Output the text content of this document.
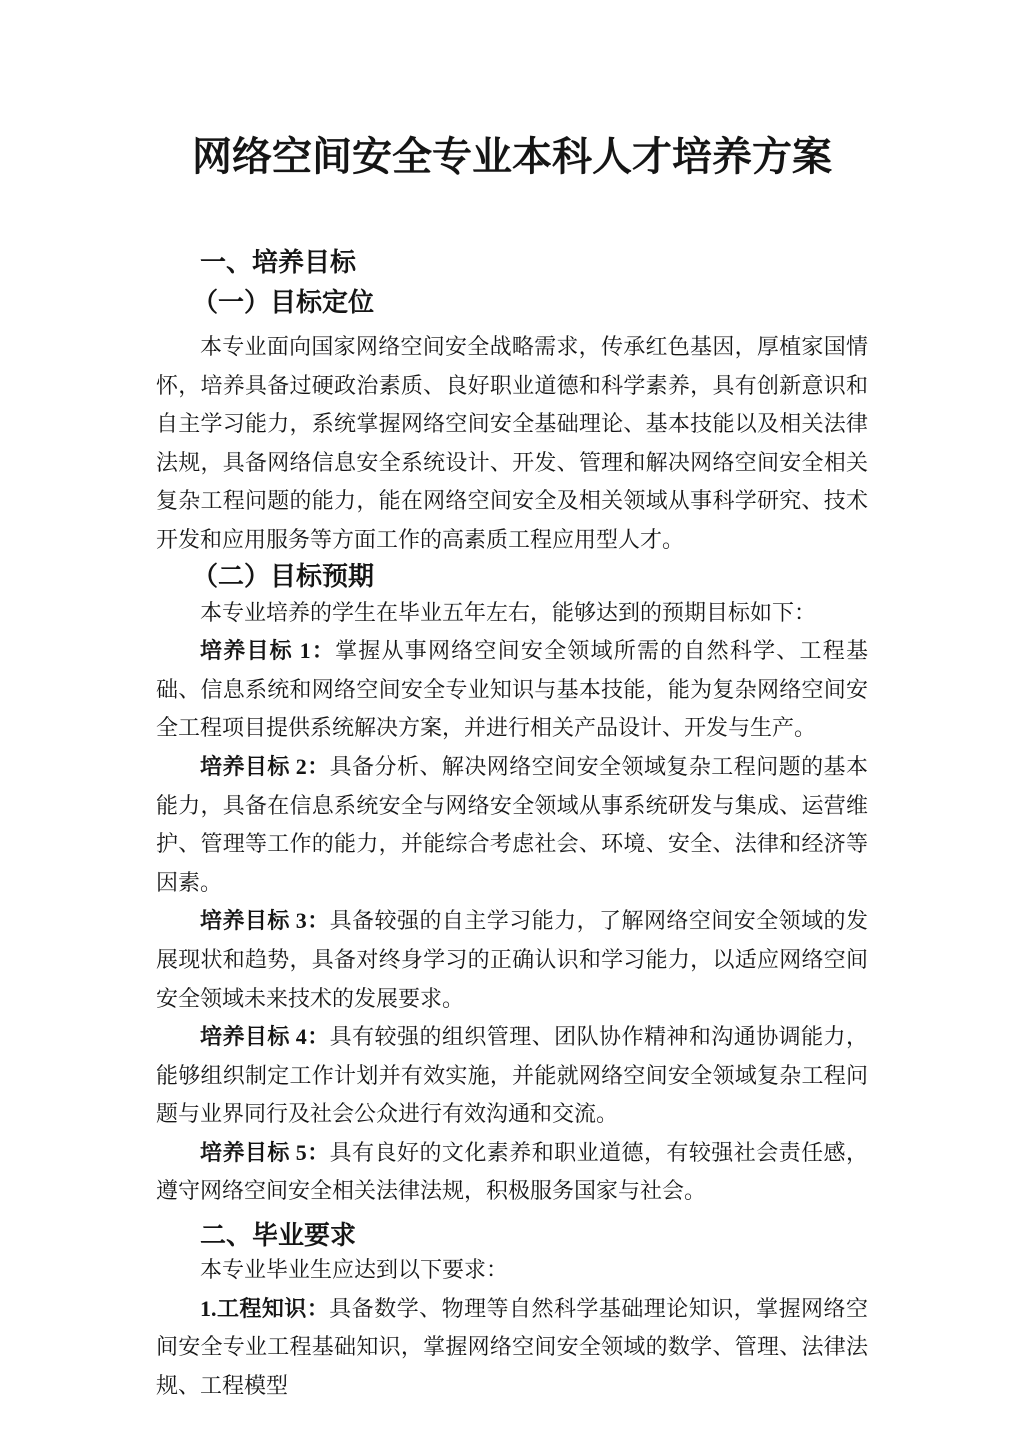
网络空间安全专业本科人才培养方案
一、培养目标
（一）目标定位

本专业面向国家网络空间安全战略需求，传承红色基因，厚植家国情怀，培养具备过硬政治素质、良好职业道德和科学素养，具有创新意识和自主学习能力，系统掌握网络空间安全基础理论、基本技能以及相关法律法规，具备网络信息安全系统设计、开发、管理和解决网络空间安全相关复杂工程问题的能力，能在网络空间安全及相关领域从事科学研究、技术开发和应用服务等方面工作的高素质工程应用型人才。

（二）目标预期

本专业培养的学生在毕业五年左右，能够达到的预期目标如下：

培养目标 1：掌握从事网络空间安全领域所需的自然科学、工程基础、信息系统和网络空间安全专业知识与基本技能，能为复杂网络空间安全工程项目提供系统解决方案，并进行相关产品设计、开发与生产。

培养目标 2：具备分析、解决网络空间安全领域复杂工程问题的基本能力，具备在信息系统安全与网络安全领域从事系统研发与集成、运营维护、管理等工作的能力，并能综合考虑社会、环境、安全、法律和经济等因素。

培养目标 3：具备较强的自主学习能力，了解网络空间安全领域的发展现状和趋势，具备对终身学习的正确认识和学习能力，以适应网络空间安全领域未来技术的发展要求。

培养目标 4：具有较强的组织管理、团队协作精神和沟通协调能力，能够组织制定工作计划并有效实施，并能就网络空间安全领域复杂工程问题与业界同行及社会公众进行有效沟通和交流。

培养目标 5：具有良好的文化素养和职业道德，有较强社会责任感，遵守网络空间安全相关法律法规，积极服务国家与社会。

二、毕业要求

本专业毕业生应达到以下要求：

1.工程知识：具备数学、物理等自然科学基础理论知识，掌握网络空间安全专业工程基础知识，掌握网络空间安全领域的数学、管理、法律法规、工程模型
